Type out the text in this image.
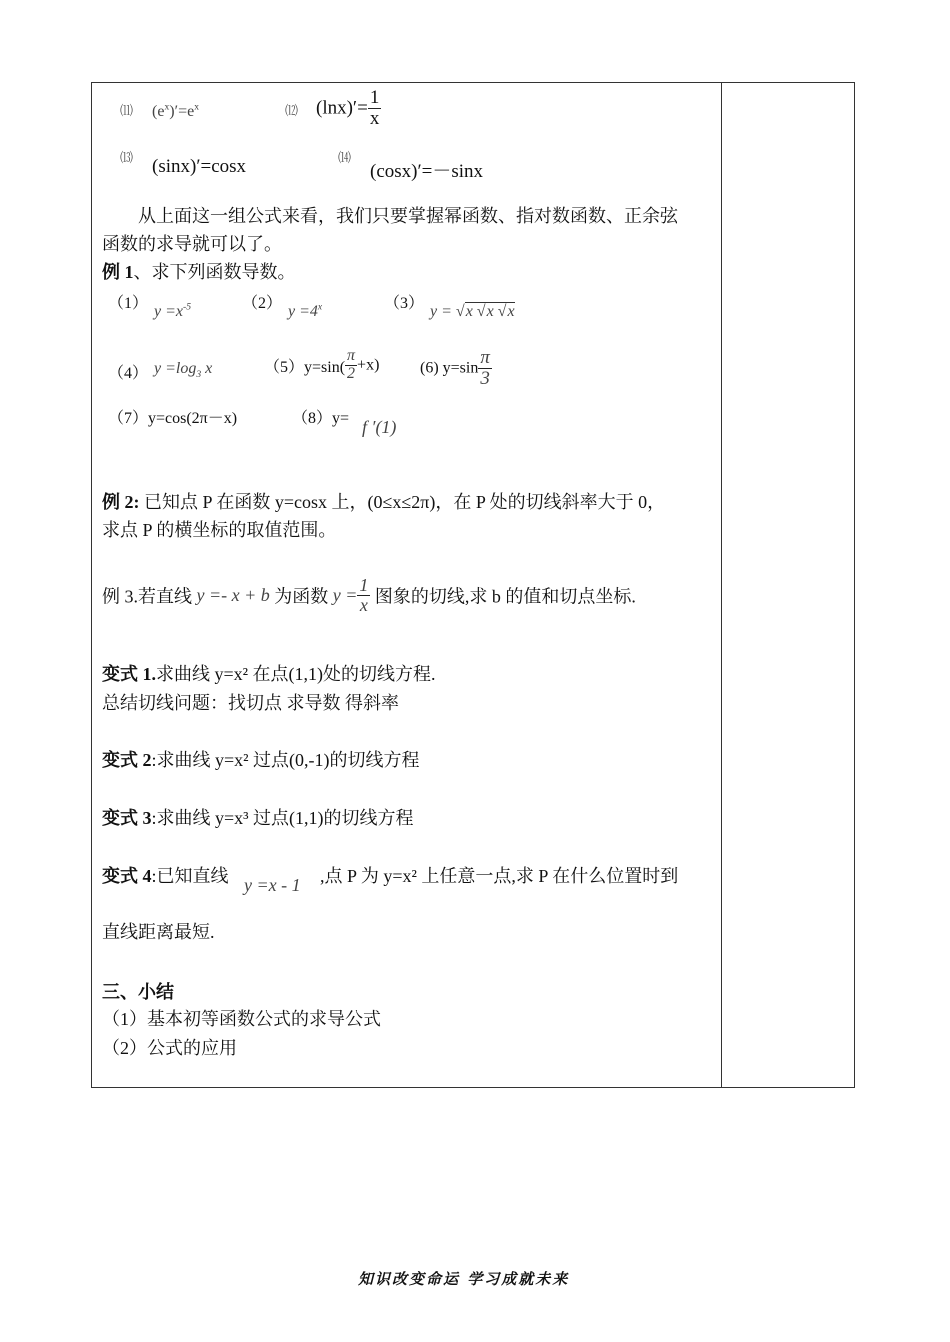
⑾ $(e^x)'=e^x$	⑿ $(\ln x)'= \frac{1}{x}$
⒀ (sinx)′=cosx	⒁
(cosx)′=－sinx
从上面这一组公式来看，我们只要掌握幂函数、指对数函数、正余弦
函数的求导就可以了。
例 1、求下列函数导数。
（1） $y =x^{-5}$	（2） $y =4^x$	（3） y = √x √x √x
（4） $y =\log_3$ x	$(5)y=\sin( \frac{\pi}{2} +x)$	(6) $y=\sin \frac{\pi}{3}$
（7）y=cos(2π－x)	（8）y= f ′(1)
例 2: 已知点 P 在函数 y=cosx 上，(0≤x≤2π)，在 P 处的切线斜率大于 0，
求点 P 的横坐标的取值范围。
例 3.若直线 y =- x + b 为函数 $y = \frac{1}{x}$ 图象的切线,求 b 的值和切点坐标.
变式 1.求曲线 y=x² 在点(1,1)处的切线方程.
总结切线问题：找切点 求导数 得斜率
变式 2:求曲线 y=x² 过点(0,-1)的切线方程
变式 3:求曲线 y=x³ 过点(1,1)的切线方程
变式 4:已知直线 y =x - 1 ,点 P 为 y=x² 上任意一点,求 P 在什么位置时到
直线距离最短.
三、小结
（1）基本初等函数公式的求导公式
（2）公式的应用
知识改变命运 学习成就未来
